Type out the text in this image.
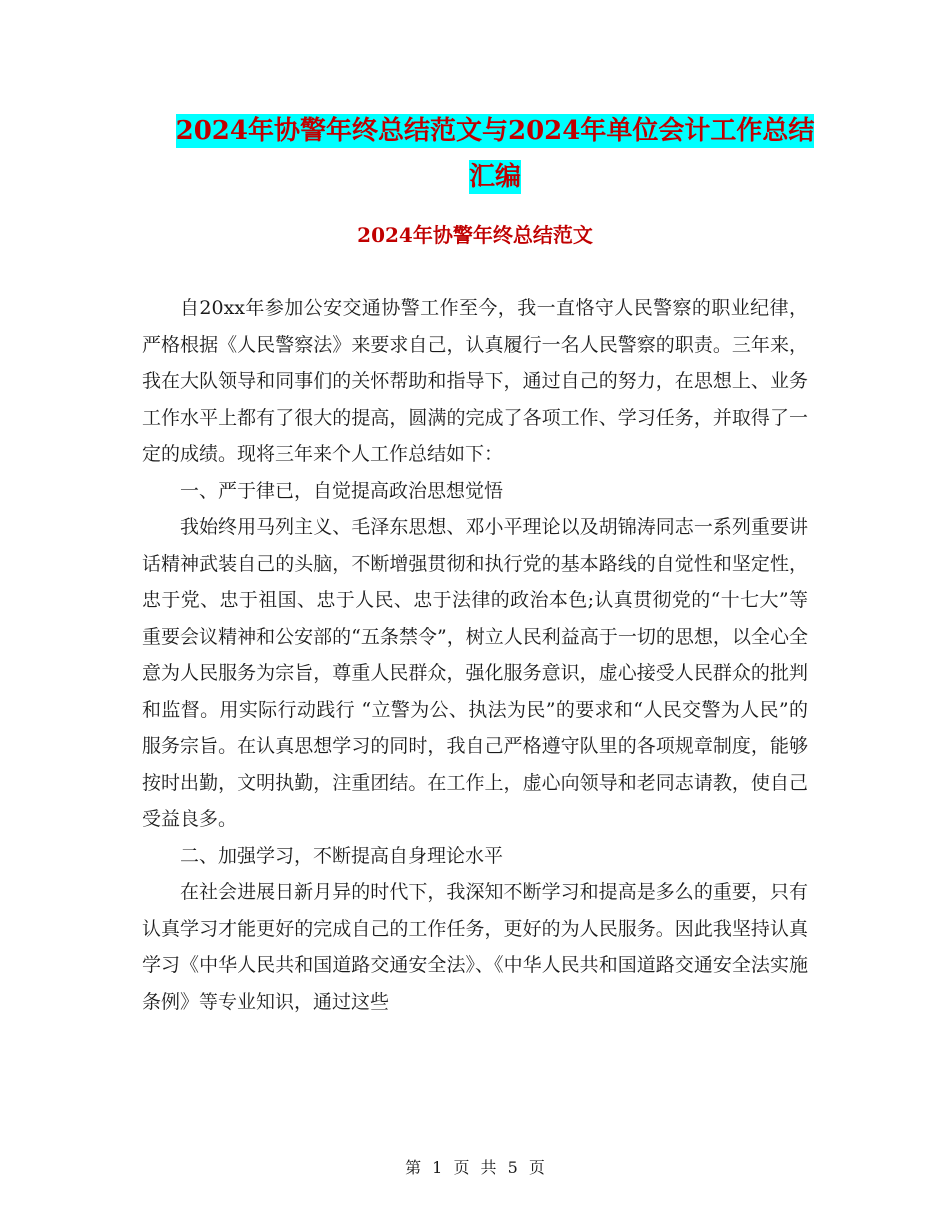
2024年协警年终总结范文与2024年单位会计工作总结
汇编
2024年协警年终总结范文

自20xx年参加公安交通协警工作至今，我一直恪守人民警察的职业纪律，严格根据《人民警察法》来要求自己，认真履行一名人民警察的职责。三年来，我在大队领导和同事们的关怀帮助和指导下，通过自己的努力，在思想上、业务工作水平上都有了很大的提高，圆满的完成了各项工作、学习任务，并取得了一定的成绩。现将三年来个人工作总结如下：

一、严于律已，自觉提高政治思想觉悟

我始终用马列主义、毛泽东思想、邓小平理论以及胡锦涛同志一系列重要讲话精神武装自己的头脑，不断增强贯彻和执行党的基本路线的自觉性和坚定性，忠于党、忠于祖国、忠于人民、忠于法律的政治本色;认真贯彻党的“十七大”等重要会议精神和公安部的“五条禁令”，树立人民利益高于一切的思想，以全心全意为人民服务为宗旨，尊重人民群众，强化服务意识，虚心接受人民群众的批判和监督。用实际行动践行 “立警为公、执法为民”的要求和“人民交警为人民”的服务宗旨。在认真思想学习的同时，我自己严格遵守队里的各项规章制度，能够按时出勤，文明执勤，注重团结。在工作上，虚心向领导和老同志请教，使自己受益良多。

二、加强学习，不断提高自身理论水平

在社会进展日新月异的时代下，我深知不断学习和提高是多么的重要，只有认真学习才能更好的完成自己的工作任务，更好的为人民服务。因此我坚持认真学习《中华人民共和国道路交通安全法》、《中华人民共和国道路交通安全法实施条例》等专业知识，通过这些

第 1 页 共 5 页
